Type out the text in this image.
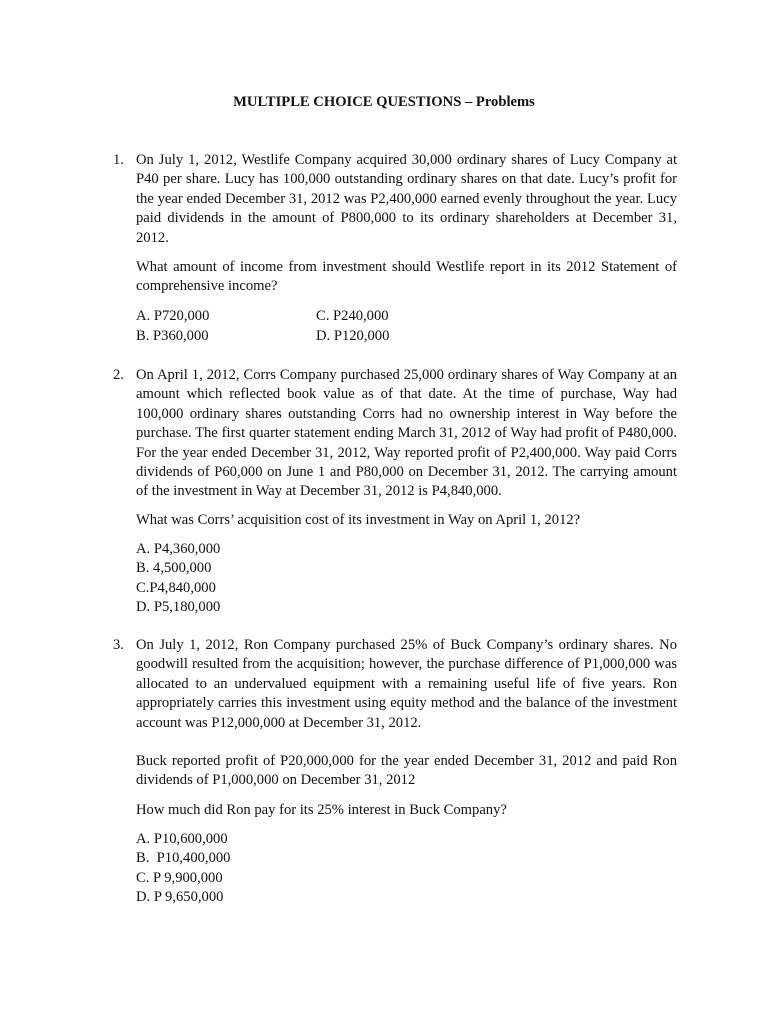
MULTIPLE CHOICE QUESTIONS – Problems
1. On July 1, 2012, Westlife Company acquired 30,000 ordinary shares of Lucy Company at P40 per share. Lucy has 100,000 outstanding ordinary shares on that date. Lucy’s profit for the year ended December 31, 2012 was P2,400,000 earned evenly throughout the year. Lucy paid dividends in the amount of P800,000 to its ordinary shareholders at December 31, 2012.

What amount of income from investment should Westlife report in its 2012 Statement of comprehensive income?

A. P720,000
B. P360,000
C. P240,000
D. P120,000
2. On April 1, 2012, Corrs Company purchased 25,000 ordinary shares of Way Company at an amount which reflected book value as of that date. At the time of purchase, Way had 100,000 ordinary shares outstanding Corrs had no ownership interest in Way before the purchase. The first quarter statement ending March 31, 2012 of Way had profit of P480,000. For the year ended December 31, 2012, Way reported profit of P2,400,000. Way paid Corrs dividends of P60,000 on June 1 and P80,000 on December 31, 2012. The carrying amount of the investment in Way at December 31, 2012 is P4,840,000.

What was Corrs’ acquisition cost of its investment in Way on April 1, 2012?

A. P4,360,000
B. 4,500,000
C.P4,840,000
D. P5,180,000
3. On July 1, 2012, Ron Company purchased 25% of Buck Company’s ordinary shares. No goodwill resulted from the acquisition; however, the purchase difference of P1,000,000 was allocated to an undervalued equipment with a remaining useful life of five years. Ron appropriately carries this investment using equity method and the balance of the investment account was P12,000,000 at December 31, 2012.

Buck reported profit of P20,000,000 for the year ended December 31, 2012 and paid Ron dividends of P1,000,000 on December 31, 2012

How much did Ron pay for its 25% interest in Buck Company?

A. P10,600,000
B.  P10,400,000
C. P 9,900,000
D. P 9,650,000
